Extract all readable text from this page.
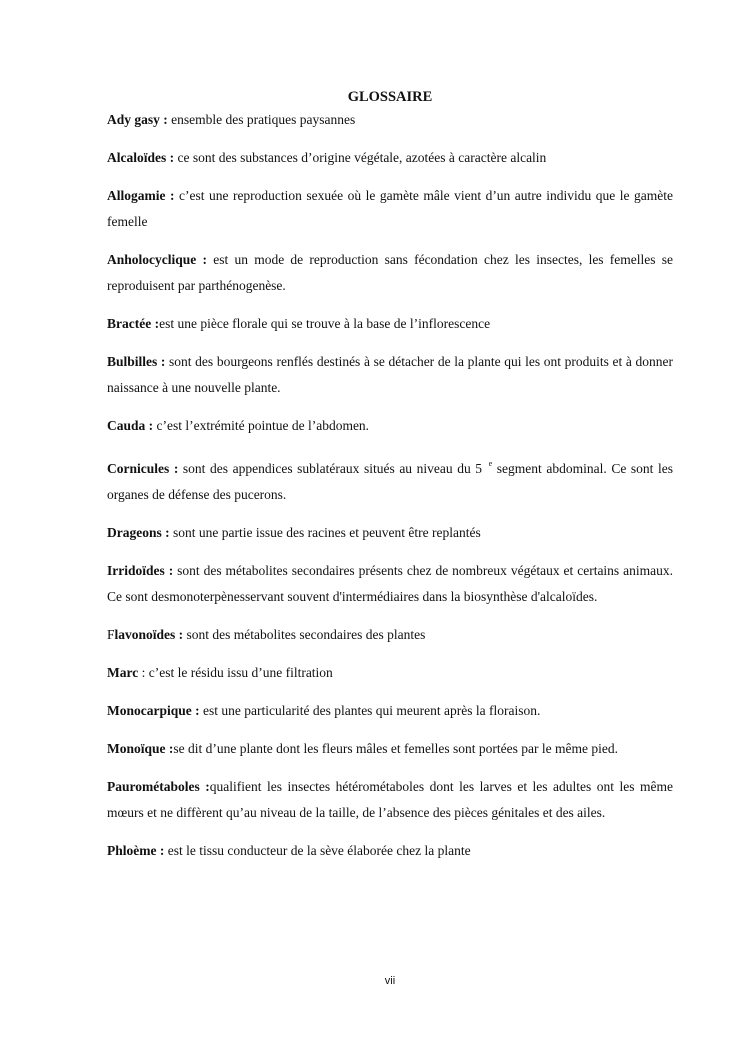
GLOSSAIRE

Ady gasy : ensemble des pratiques paysannes

Alcaloïdes : ce sont des substances d’origine végétale, azotées à caractère alcalin

Allogamie : c’est une reproduction sexuée où le gamète mâle vient d’un autre individu que le gamète femelle

Anholocyclique : est un mode de reproduction sans fécondation chez les insectes, les femelles se reproduisent par parthénogenèse.

Bractée :est une pièce florale qui se trouve à la base de l’inflorescence

Bulbilles : sont des bourgeons renflés destinés à se détacher de la plante qui les ont produits et à donner naissance à une nouvelle plante.

Cauda : c’est l’extrémité pointue de l’abdomen.

Cornicules : sont des appendices sublatéraux situés au niveau du 5 $^e$ segment abdominal. Ce sont les organes de défense des pucerons.

Drageons : sont une partie issue des racines et peuvent être replantés

Irridoïdes : sont des métabolites secondaires présents chez de nombreux végétaux et certains animaux. Ce sont desmonoterpènesservant souvent d'intermédiaires dans la biosynthèse d'alcaloïdes.

Flavonoïdes : sont des métabolites secondaires des plantes

Marc : c’est le résidu issu d’une filtration

Monocarpique : est une particularité des plantes qui meurent après la floraison.

Monoïque :se dit d’une plante dont les fleurs mâles et femelles sont portées par le même pied.

Paurométaboles :qualifient les insectes hétérométaboles dont les larves et les adultes ont les même mœurs et ne diffèrent qu’au niveau de la taille, de l’absence des pièces génitales et des ailes.

Phloème : est le tissu conducteur de la sève élaborée chez la plante

vii
